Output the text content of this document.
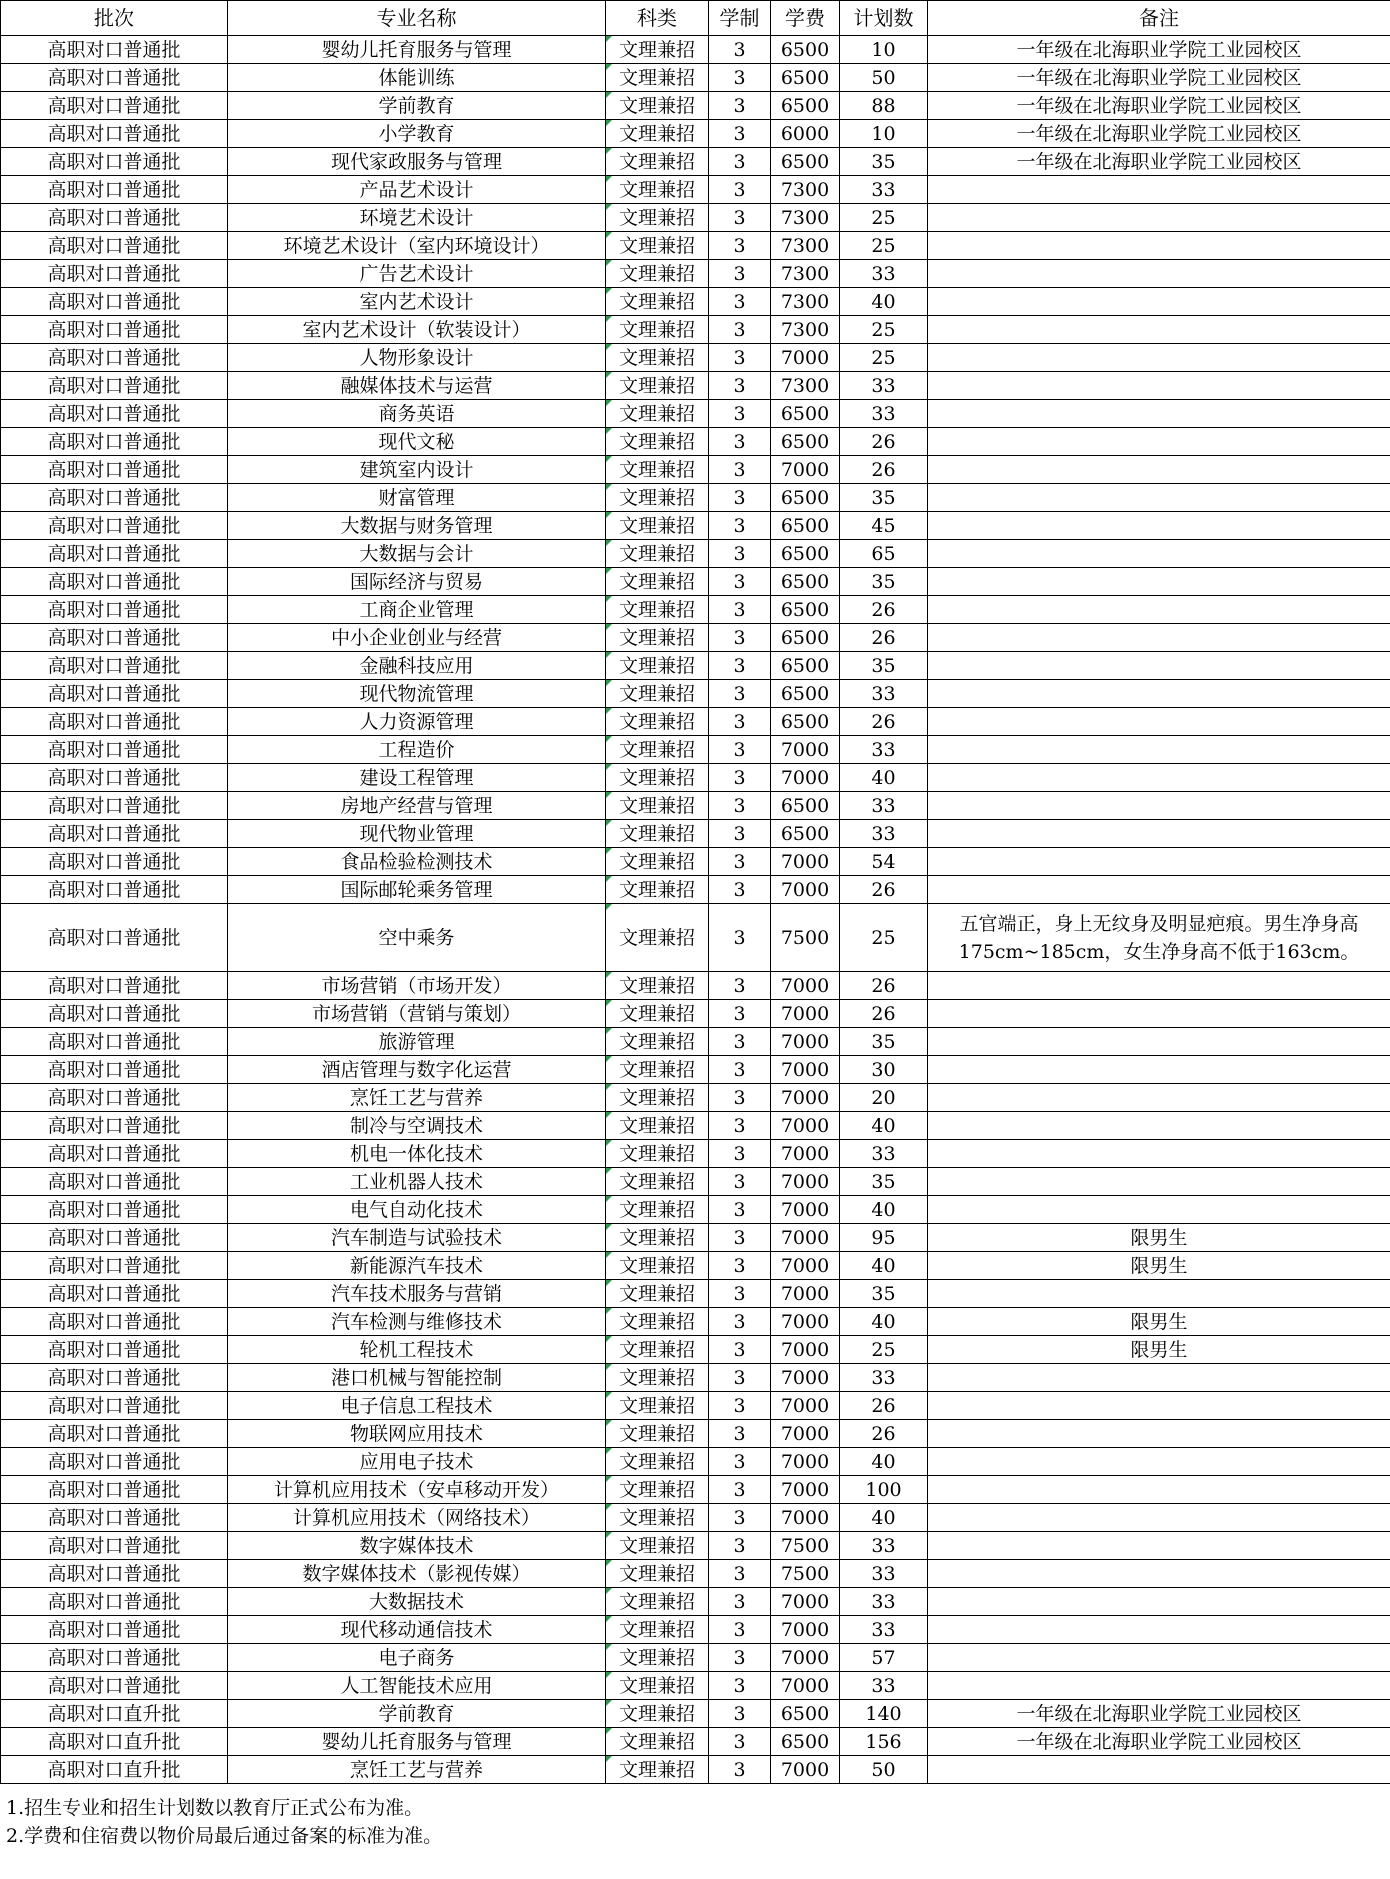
批次	专业名称	科类	学制	学费	计划数	备注
高职对口普通批	婴幼儿托育服务与管理	文理兼招	3	6500	10	一年级在北海职业学院工业园校区
高职对口普通批	体能训练	文理兼招	3	6500	50	一年级在北海职业学院工业园校区
高职对口普通批	学前教育	文理兼招	3	6500	88	一年级在北海职业学院工业园校区
高职对口普通批	小学教育	文理兼招	3	6000	10	一年级在北海职业学院工业园校区
高职对口普通批	现代家政服务与管理	文理兼招	3	6500	35	一年级在北海职业学院工业园校区
高职对口普通批	产品艺术设计	文理兼招	3	7300	33	
高职对口普通批	环境艺术设计	文理兼招	3	7300	25	
高职对口普通批	环境艺术设计（室内环境设计）	文理兼招	3	7300	25	
高职对口普通批	广告艺术设计	文理兼招	3	7300	33	
高职对口普通批	室内艺术设计	文理兼招	3	7300	40	
高职对口普通批	室内艺术设计（软装设计）	文理兼招	3	7300	25	
高职对口普通批	人物形象设计	文理兼招	3	7000	25	
高职对口普通批	融媒体技术与运营	文理兼招	3	7300	33	
高职对口普通批	商务英语	文理兼招	3	6500	33	
高职对口普通批	现代文秘	文理兼招	3	6500	26	
高职对口普通批	建筑室内设计	文理兼招	3	7000	26	
高职对口普通批	财富管理	文理兼招	3	6500	35	
高职对口普通批	大数据与财务管理	文理兼招	3	6500	45	
高职对口普通批	大数据与会计	文理兼招	3	6500	65	
高职对口普通批	国际经济与贸易	文理兼招	3	6500	35	
高职对口普通批	工商企业管理	文理兼招	3	6500	26	
高职对口普通批	中小企业创业与经营	文理兼招	3	6500	26	
高职对口普通批	金融科技应用	文理兼招	3	6500	35	
高职对口普通批	现代物流管理	文理兼招	3	6500	33	
高职对口普通批	人力资源管理	文理兼招	3	6500	26	
高职对口普通批	工程造价	文理兼招	3	7000	33	
高职对口普通批	建设工程管理	文理兼招	3	7000	40	
高职对口普通批	房地产经营与管理	文理兼招	3	6500	33	
高职对口普通批	现代物业管理	文理兼招	3	6500	33	
高职对口普通批	食品检验检测技术	文理兼招	3	7000	54	
高职对口普通批	国际邮轮乘务管理	文理兼招	3	7000	26	
高职对口普通批	空中乘务	文理兼招	3	7500	25	五官端正，身上无纹身及明显疤痕。男生净身高175cm~185cm，女生净身高不低于163cm。
高职对口普通批	市场营销（市场开发）	文理兼招	3	7000	26	
高职对口普通批	市场营销（营销与策划）	文理兼招	3	7000	26	
高职对口普通批	旅游管理	文理兼招	3	7000	35	
高职对口普通批	酒店管理与数字化运营	文理兼招	3	7000	30	
高职对口普通批	烹饪工艺与营养	文理兼招	3	7000	20	
高职对口普通批	制冷与空调技术	文理兼招	3	7000	40	
高职对口普通批	机电一体化技术	文理兼招	3	7000	33	
高职对口普通批	工业机器人技术	文理兼招	3	7000	35	
高职对口普通批	电气自动化技术	文理兼招	3	7000	40	
高职对口普通批	汽车制造与试验技术	文理兼招	3	7000	95	限男生
高职对口普通批	新能源汽车技术	文理兼招	3	7000	40	限男生
高职对口普通批	汽车技术服务与营销	文理兼招	3	7000	35	
高职对口普通批	汽车检测与维修技术	文理兼招	3	7000	40	限男生
高职对口普通批	轮机工程技术	文理兼招	3	7000	25	限男生
高职对口普通批	港口机械与智能控制	文理兼招	3	7000	33	
高职对口普通批	电子信息工程技术	文理兼招	3	7000	26	
高职对口普通批	物联网应用技术	文理兼招	3	7000	26	
高职对口普通批	应用电子技术	文理兼招	3	7000	40	
高职对口普通批	计算机应用技术（安卓移动开发）	文理兼招	3	7000	100	
高职对口普通批	计算机应用技术（网络技术）	文理兼招	3	7000	40	
高职对口普通批	数字媒体技术	文理兼招	3	7500	33	
高职对口普通批	数字媒体技术（影视传媒）	文理兼招	3	7500	33	
高职对口普通批	大数据技术	文理兼招	3	7000	33	
高职对口普通批	现代移动通信技术	文理兼招	3	7000	33	
高职对口普通批	电子商务	文理兼招	3	7000	57	
高职对口普通批	人工智能技术应用	文理兼招	3	7000	33	
高职对口直升批	学前教育	文理兼招	3	6500	140	一年级在北海职业学院工业园校区
高职对口直升批	婴幼儿托育服务与管理	文理兼招	3	6500	156	一年级在北海职业学院工业园校区
高职对口直升批	烹饪工艺与营养	文理兼招	3	7000	50	
1.招生专业和招生计划数以教育厅正式公布为准。
2.学费和住宿费以物价局最后通过备案的标准为准。
